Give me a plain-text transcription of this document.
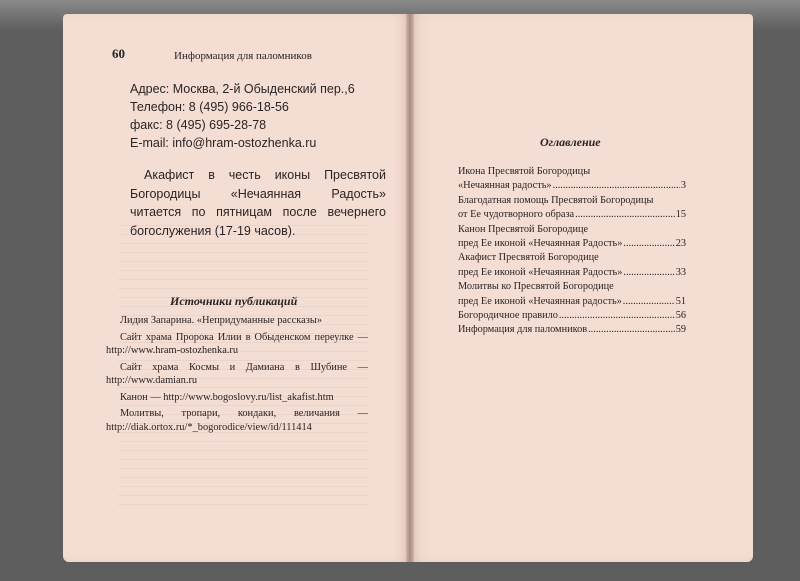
60	Информация для паломников
Адрес: Москва, 2-й Обыденский пер.,6
Телефон: 8 (495) 966-18-56
факс: 8 (495) 695-28-78
E-mail: info@hram-ostozhenka.ru
Акафист в честь иконы Пресвятой Богородицы «Нечаянная Радость» читается по пятницам после вечернего богослужения (17-19 часов).
Источники публикаций
Лидия Запарина. «Непридуманные рассказы»
Сайт храма Пророка Илии в Обыденском переулке — http://www.hram-ostozhenka.ru
Сайт храма Космы и Дамиана в Шубине — http://www.damian.ru
Канон — http://www.bogoslovy.ru/list_akafist.htm
Молитвы, тропари, кондаки, величания — http://diak.ortox.ru/*_bogorodice/view/id/111414
Оглавление
Икона Пресвятой Богородицы
«Нечаянная радость» .....	3
Благодатная помощь Пресвятой Богородицы
от Ее чудотворного образа .....	15
Канон Пресвятой Богородице
пред Ее иконой «Нечаянная Радость» .....	23
Акафист Пресвятой Богородице
пред Ее иконой «Нечаянная Радость» .....	33
Молитвы ко Пресвятой Богородице
пред Ее иконой «Нечаянная радость» .....	51
Богородичное правило .....	56
Информация для паломников .....	59
